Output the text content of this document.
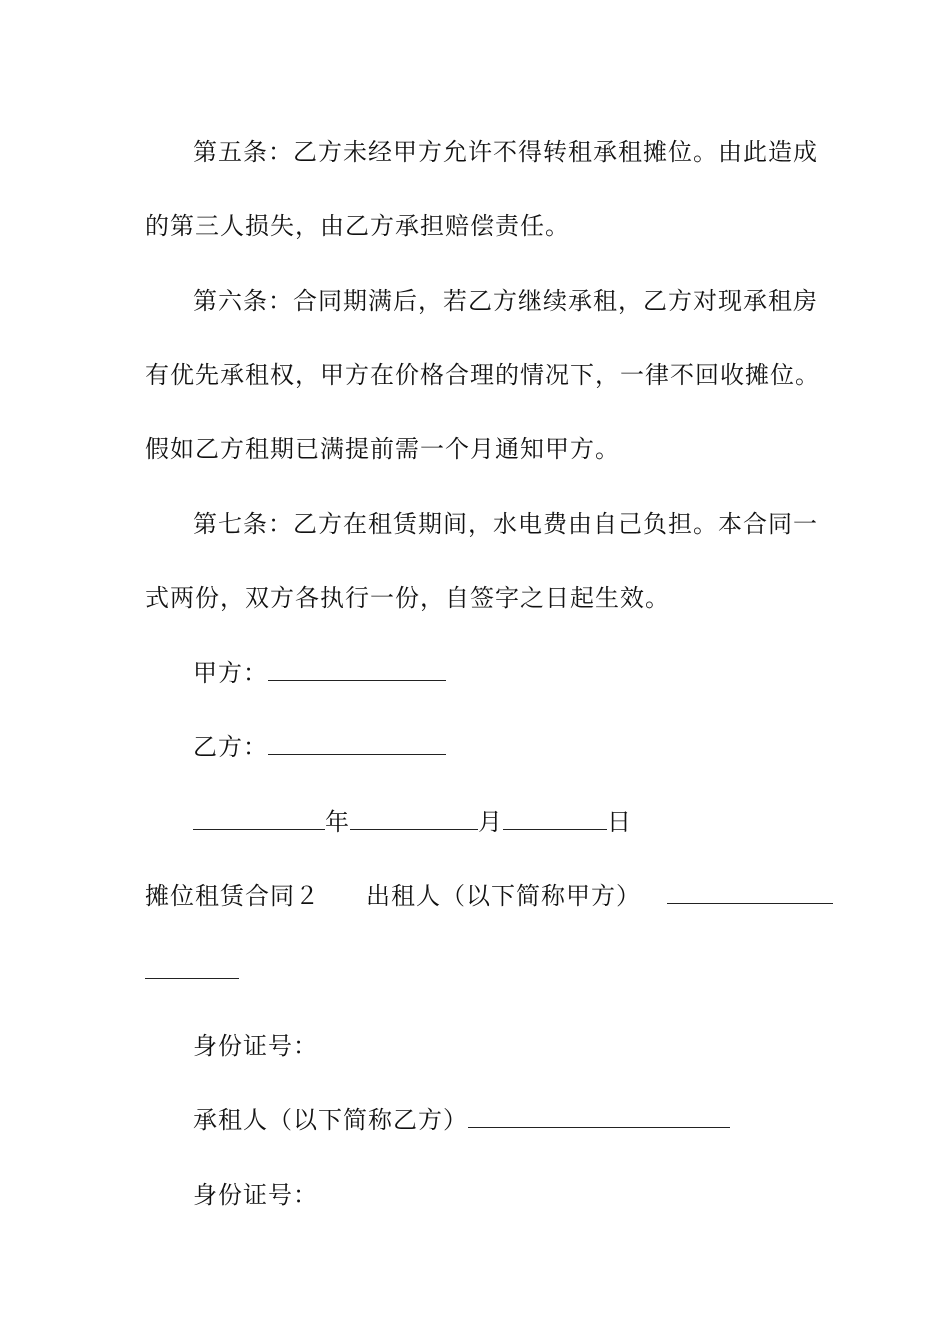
第五条：乙方未经甲方允许不得转租承租摊位。由此造成
的第三人损失，由乙方承担赔偿责任。
第六条：合同期满后，若乙方继续承租，乙方对现承租房
有优先承租权，甲方在价格合理的情况下，一律不回收摊位。
假如乙方租期已满提前需一个月通知甲方。
第七条：乙方在租赁期间，水电费由自己负担。本合同一
式两份，双方各执行一份，自签字之日起生效。
甲方：
乙方：
年	月	日
摊位租赁合同２ 出租人（以下简称甲方）
身份证号：
承租人（以下简称乙方）
身份证号：
